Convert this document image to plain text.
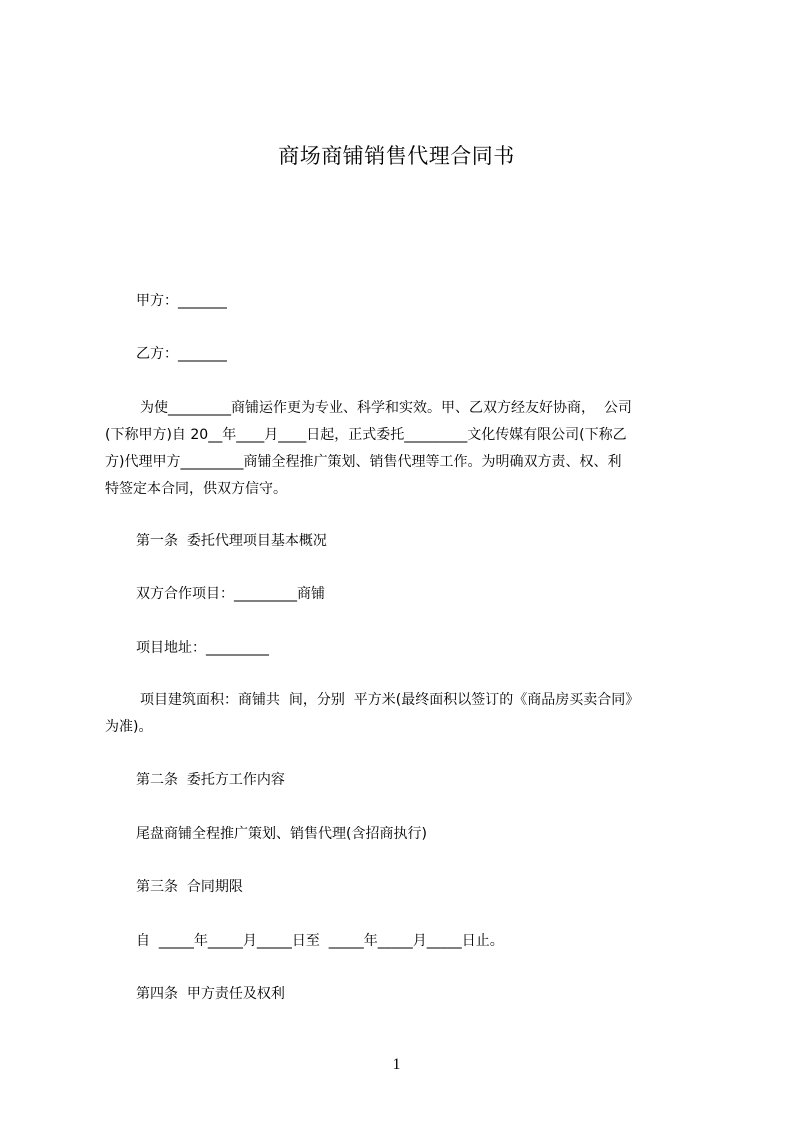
商场商铺销售代理合同书
甲方：_______
乙方：_______
为使_________商铺运作更为专业、科学和实效。甲、乙双方经友好协商，  公司
(下称甲方)自 20__年____月____日起，正式委托_________文化传媒有限公司(下称乙
方)代理甲方_________商铺全程推广策划、销售代理等工作。为明确双方责、权、利
特签定本合同，供双方信守。
第一条  委托代理项目基本概况
双方合作项目：_________商铺
项目地址：_________
项目建筑面积：商铺共  间，分别  平方米(最终面积以签订的《商品房买卖合同》
为准)。
第二条  委托方工作内容
尾盘商铺全程推广策划、销售代理(含招商执行)
第三条  合同期限
自  _____年_____月_____日至  _____年_____月_____日止。
第四条  甲方责任及权利
1
